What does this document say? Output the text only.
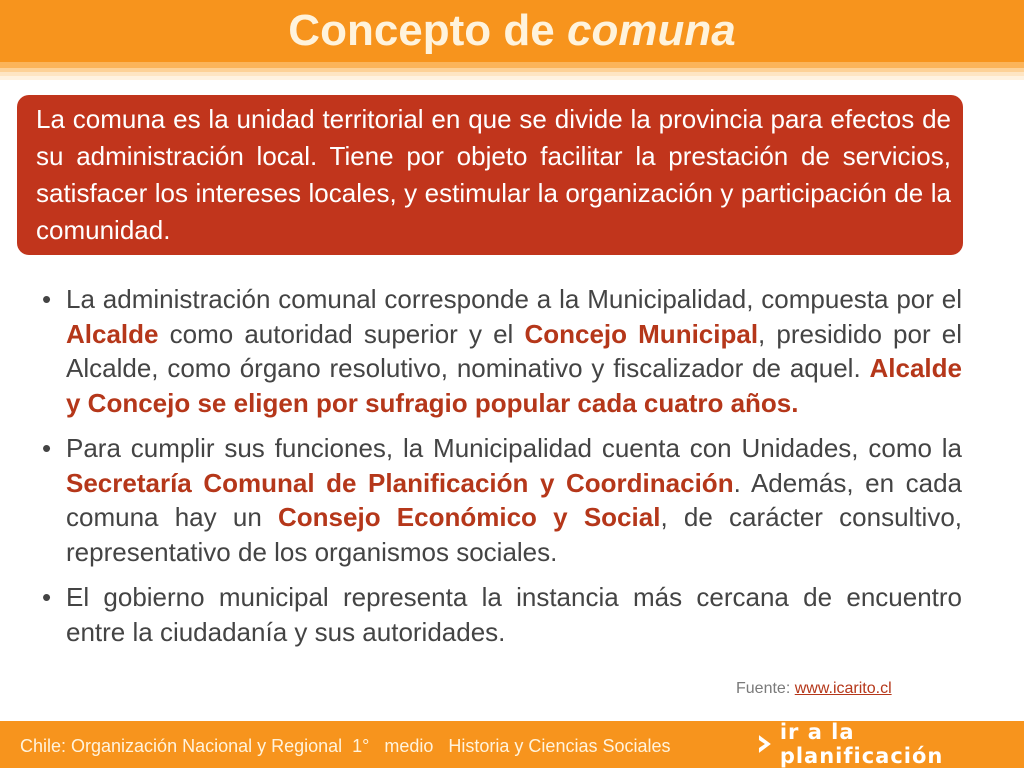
Concepto de comuna

La comuna es la unidad territorial en que se divide la provincia para efectos de su administración local. Tiene por objeto facilitar la prestación de servicios, satisfacer los intereses locales, y estimular la organización y participación de la comunidad.

• La administración comunal corresponde a la Municipalidad, compuesta por el Alcalde como autoridad superior y el Concejo Municipal, presidido por el Alcalde, como órgano resolutivo, nominativo y fiscalizador de aquel. Alcalde y Concejo se eligen por sufragio popular cada cuatro años.
• Para cumplir sus funciones, la Municipalidad cuenta con Unidades, como la Secretaría Comunal de Planificación y Coordinación. Además, en cada comuna hay un Consejo Económico y Social, de carácter consultivo, representativo de los organismos sociales.
• El gobierno municipal representa la instancia más cercana de encuentro entre la ciudadanía y sus autoridades.
Fuente: www.icarito.cl
Chile: Organización Nacional y Regional  1°   medio   Historia y Ciencias Sociales
ir a la planificación
